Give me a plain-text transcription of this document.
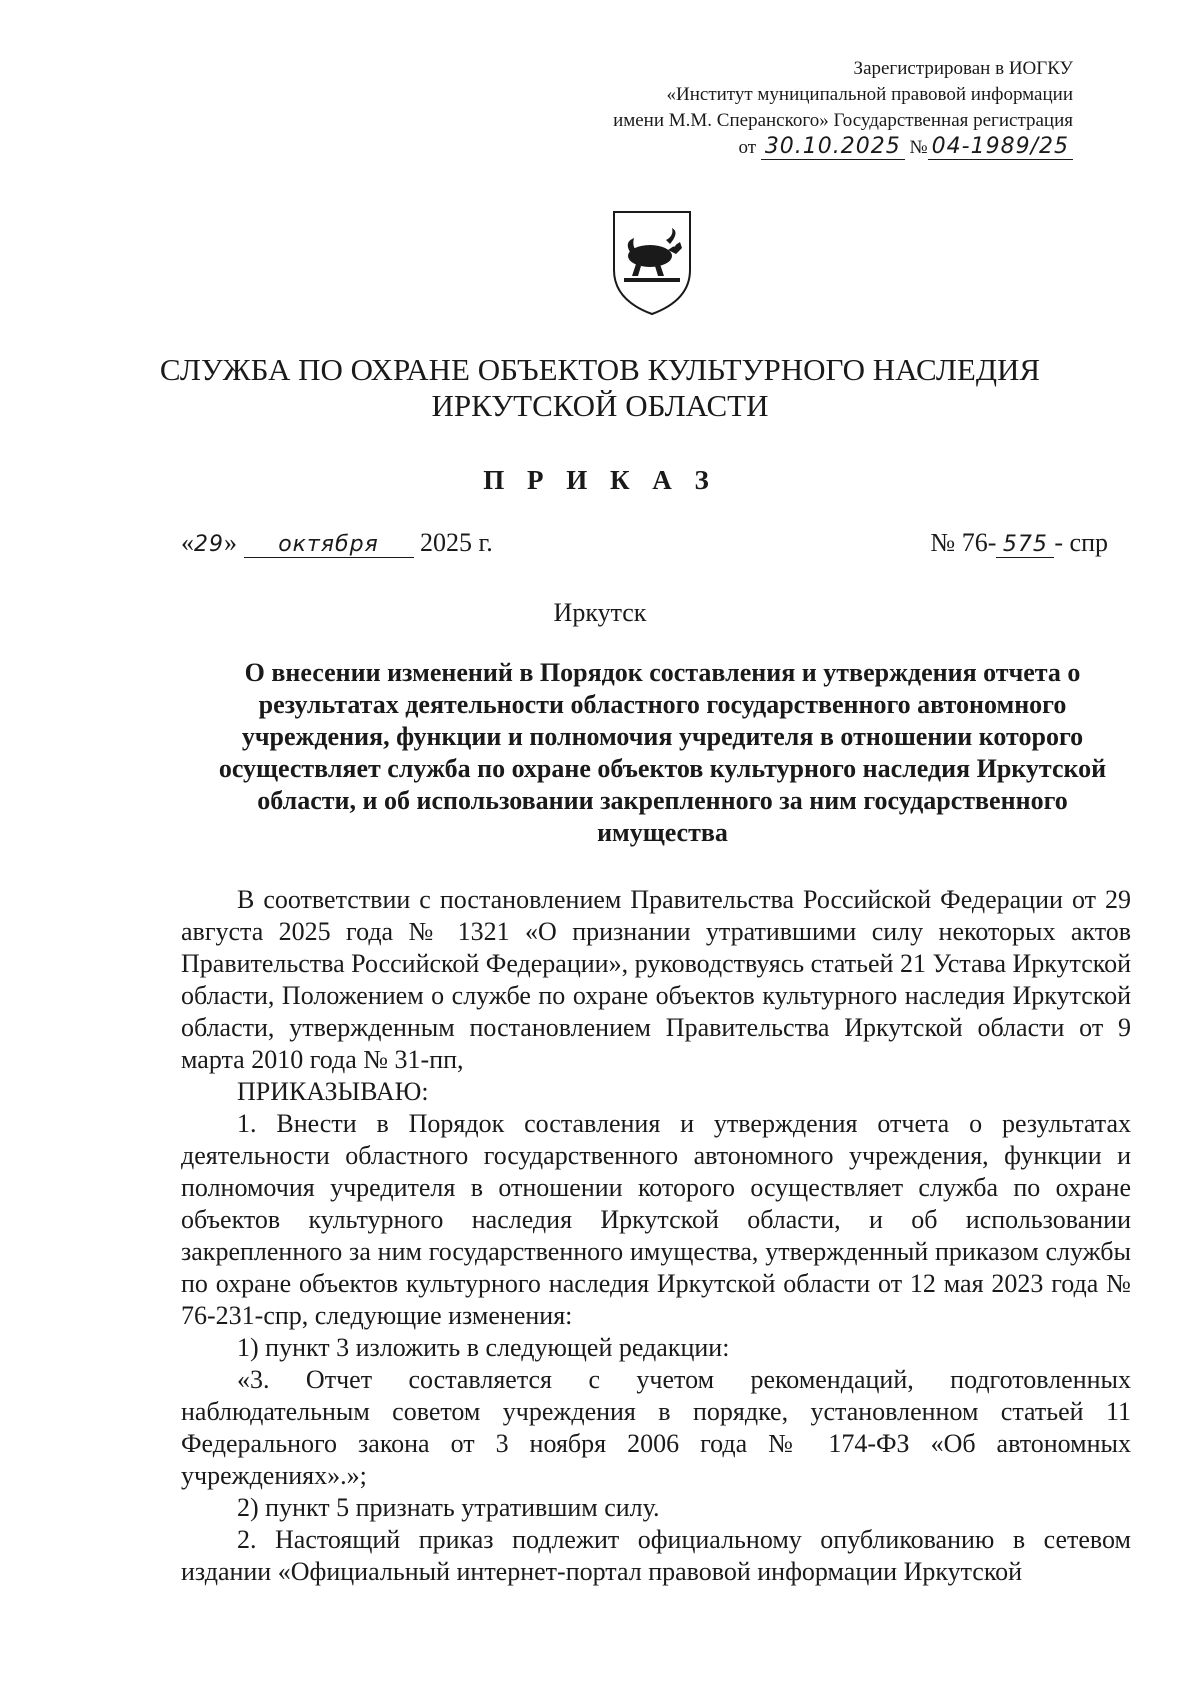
Зарегистрирован в ИОГКУ
«Институт муниципальной правовой информации
имени М.М. Сперанского» Государственная регистрация
от 30.10.2025 № 04-1989/25
СЛУЖБА ПО ОХРАНЕ ОБЪЕКТОВ КУЛЬТУРНОГО НАСЛЕДИЯ
ИРКУТСКОЙ ОБЛАСТИ
П Р И К А З
«29» октября 2025 г.	№ 76- 575 - спр
Иркутск
О внесении изменений в Порядок составления и утверждения отчета о результатах деятельности областного государственного автономного учреждения, функции и полномочия учредителя в отношении которого осуществляет служба по охране объектов культурного наследия Иркутской области, и об использовании закрепленного за ним государственного имущества

В соответствии с постановлением Правительства Российской Федерации от 29 августа 2025 года № 1321 «О признании утратившими силу некоторых актов Правительства Российской Федерации», руководствуясь статьей 21 Устава Иркутской области, Положением о службе по охране объектов культурного наследия Иркутской области, утвержденным постановлением Правительства Иркутской области от 9 марта 2010 года № 31-пп,

ПРИКАЗЫВАЮ:

1. Внести в Порядок составления и утверждения отчета о результатах деятельности областного государственного автономного учреждения, функции и полномочия учредителя в отношении которого осуществляет служба по охране объектов культурного наследия Иркутской области, и об использовании закрепленного за ним государственного имущества, утвержденный приказом службы по охране объектов культурного наследия Иркутской области от 12 мая 2023 года № 76-231-спр, следующие изменения:

1) пункт 3 изложить в следующей редакции:

«3. Отчет составляется с учетом рекомендаций, подготовленных наблюдательным советом учреждения в порядке, установленном статьей 11 Федерального закона от 3 ноября 2006 года № 174-ФЗ «Об автономных учреждениях».»;

2) пункт 5 признать утратившим силу.

2. Настоящий приказ подлежит официальному опубликованию в сетевом издании «Официальный интернет-портал правовой информации Иркутской
